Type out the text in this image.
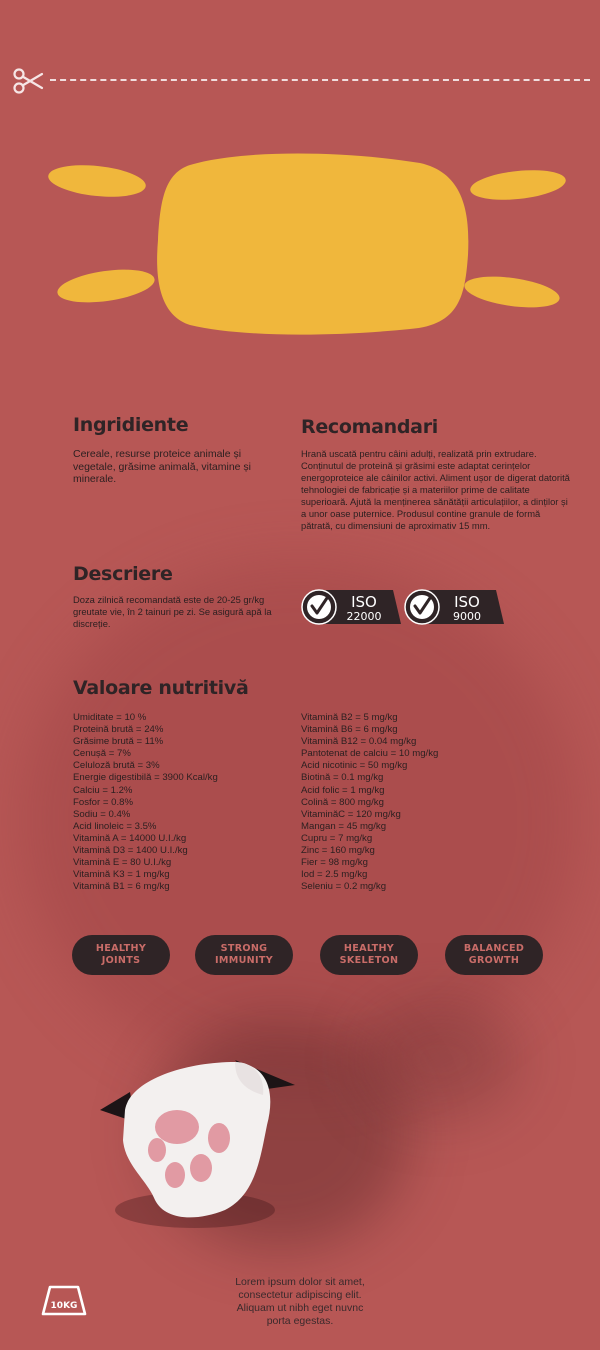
Ingridiente

Cereale, resurse proteice animale și vegetale, grăsime animală, vitamine și minerale.

Recomandari

Hrană uscată pentru câini adulți, realizată prin extrudare. Conținutul de proteină și grăsimi este adaptat cerințelor energoproteice ale câinilor activi. Aliment ușor de digerat datorită tehnologiei de fabricație și a materiilor prime de calitate superioară. Ajută la menținerea sănătății articulațiilor, a dinților și a unor oase puternice. Produsul contine granule de formă pătrată, cu dimensiuni de aproximativ 15 mm.

Descriere

Doza zilnică recomandată este de 20-25 gr/kg greutate vie, în 2 tainuri pe zi. Se asigură apă la discreție.

ISO
22000
ISO
9000
Valoare nutritivă
Umiditate = 10 %
Proteină brută = 24%
Grăsime brută = 11%
Cenușă = 7%
Celuloză brută = 3%
Energie digestibilă = 3900 Kcal/kg
Calciu = 1.2%
Fosfor = 0.8%
Sodiu = 0.4%
Acid linoleic = 3.5%
Vitamină A = 14000 U.I./kg
Vitamină D3 = 1400 U.I./kg
Vitamină E = 80 U.I./kg
Vitamină K3 = 1 mg/kg
Vitamină B1 = 6 mg/kg
Vitamină B2 = 5 mg/kg
Vitamină B6 = 6 mg/kg
Vitamină B12 = 0.04 mg/kg
Pantotenat de calciu = 10 mg/kg
Acid nicotinic = 50 mg/kg
Biotină = 0.1 mg/kg
Acid folic = 1 mg/kg
Colină = 800 mg/kg
VitaminăC = 120 mg/kg
Mangan = 45 mg/kg
Cupru = 7 mg/kg
Zinc = 160 mg/kg
Fier = 98 mg/kg
Iod = 2.5 mg/kg
Seleniu = 0.2 mg/kg
HEALTHY
JOINTS
STRONG
IMMUNITY
HEALTHY
SKELETON
BALANCED
GROWTH
10KG

Lorem ipsum dolor sit amet,
consectetur adipiscing elit.
Aliquam ut nibh eget nuvnc
porta egestas.
